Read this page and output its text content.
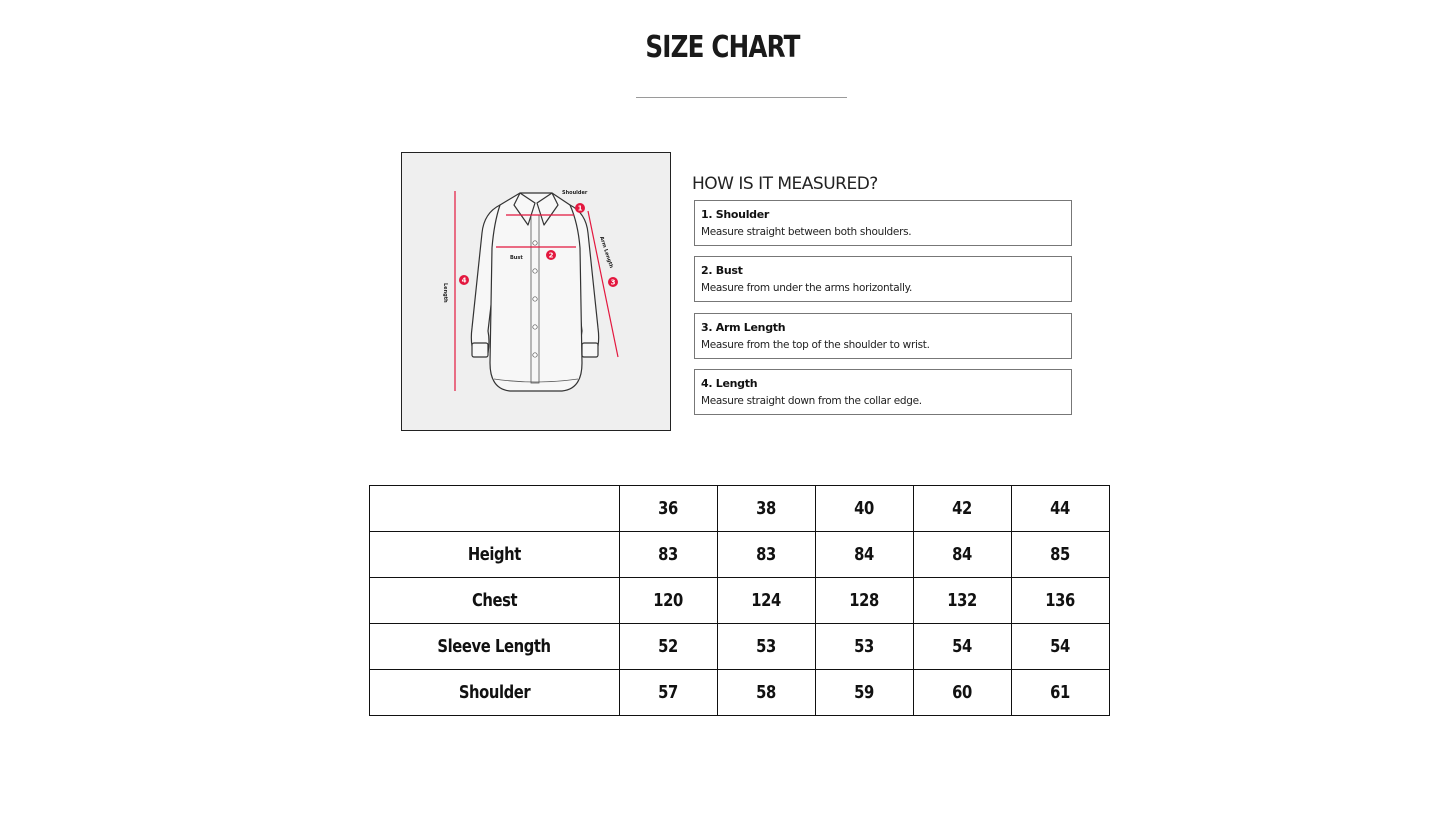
SIZE CHART
1
2
3
4
Shoulder
Bust	Arm Length
Length
HOW IS IT MEASURED?
1. Shoulder
Measure straight between both shoulders.
2. Bust
Measure from under the arms horizontally.
3. Arm Length
Measure from the top of the shoulder to wrist.
4. Length
Measure straight down from the collar edge.
	36	38	40	42	44
Height	83	83	84	84	85
Chest	120	124	128	132	136
Sleeve Length	52	53	53	54	54
Shoulder	57	58	59	60	61
